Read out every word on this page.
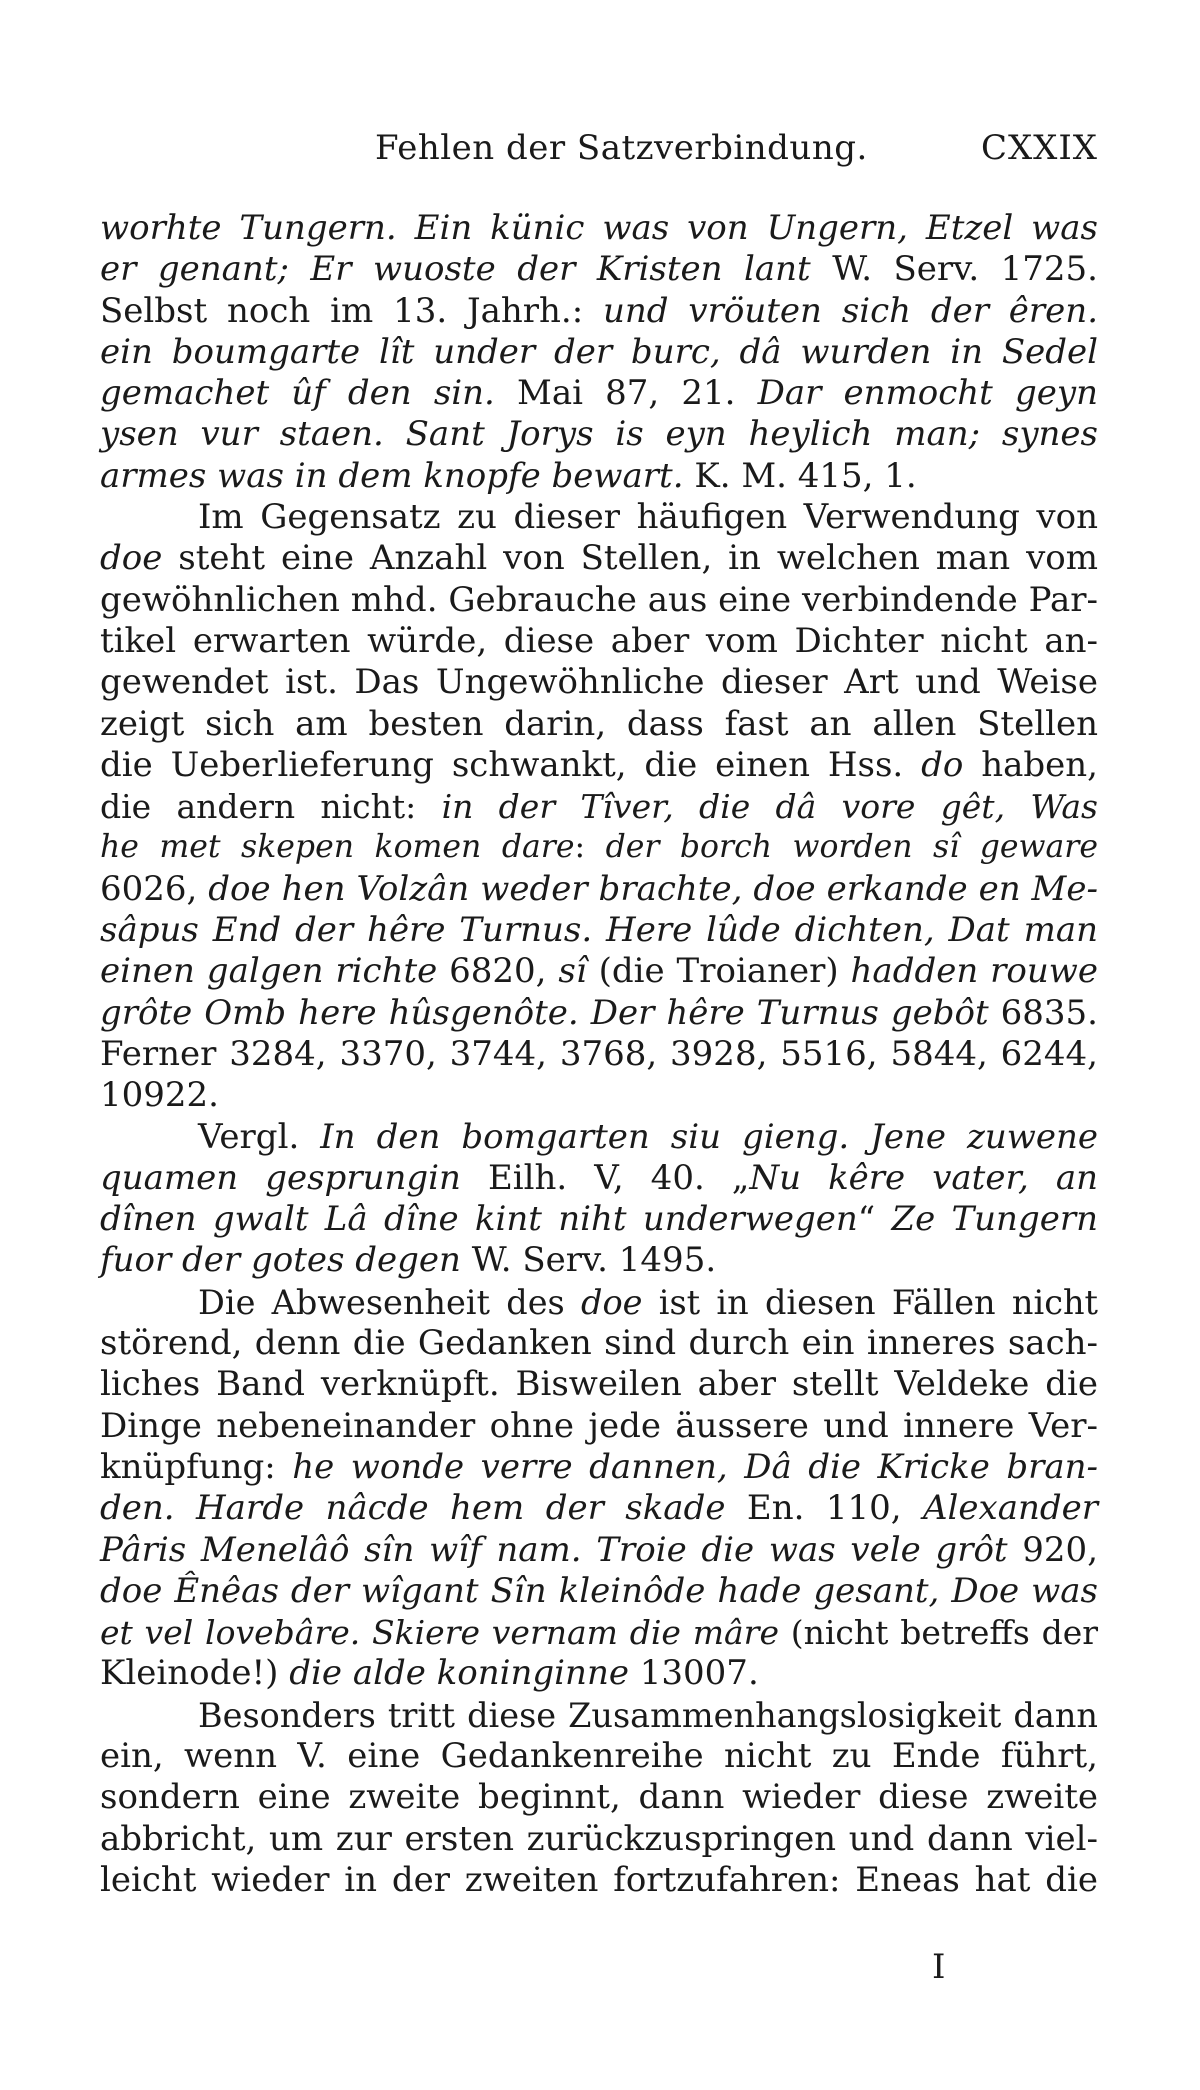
Fehlen der Satzverbindung.	CXXIX
worhte Tungern. Ein künic was von Ungern, Etzel was
er genant; Er wuoste der Kristen lant W. Serv. 1725.
Selbst noch im 13. Jahrh.: und vröuten sich der êren.
ein boumgarte lît under der burc, dâ wurden in Sedel
gemachet ûf den sin. Mai 87, 21. Dar enmocht geyn
ysen vur staen. Sant Jorys is eyn heylich man; synes
armes was in dem knopfe bewart. K. M. 415, 1.
Im Gegensatz zu dieser häufigen Verwendung von
doe steht eine Anzahl von Stellen, in welchen man vom
gewöhnlichen mhd. Gebrauche aus eine verbindende Par-
tikel erwarten würde, diese aber vom Dichter nicht an-
gewendet ist. Das Ungewöhnliche dieser Art und Weise
zeigt sich am besten darin, dass fast an allen Stellen
die Ueberlieferung schwankt, die einen Hss. do haben,
die andern nicht: in der Tîver, die dâ vore gêt, Was
he met skepen komen dare: der borch worden sî geware
6026, doe hen Volzân weder brachte, doe erkande en Me-
sâpus End der hêre Turnus. Here lûde dichten, Dat man
einen galgen richte 6820, sî (die Troianer) hadden rouwe
grôte Omb here hûsgenôte. Der hêre Turnus gebôt 6835.
Ferner 3284, 3370, 3744, 3768, 3928, 5516, 5844, 6244,
10922.
Vergl. In den bomgarten siu gieng. Jene zuwene
quamen gesprungin Eilh. V, 40. „Nu kêre vater, an
dînen gwalt Lâ dîne kint niht underwegen“ Ze Tungern
fuor der gotes degen W. Serv. 1495.
Die Abwesenheit des doe ist in diesen Fällen nicht
störend, denn die Gedanken sind durch ein inneres sach-
liches Band verknüpft. Bisweilen aber stellt Veldeke die
Dinge nebeneinander ohne jede äussere und innere Ver-
knüpfung: he wonde verre dannen, Dâ die Kricke bran-
den. Harde nâcde hem der skade En. 110, Alexander
Pâris Menelâô sîn wîf nam. Troie die was vele grôt 920,
doe Ênêas der wîgant Sîn kleinôde hade gesant, Doe was
et vel lovebâre. Skiere vernam die mâre (nicht betreffs der
Kleinode!) die alde koninginne 13007.
Besonders tritt diese Zusammenhangslosigkeit dann
ein, wenn V. eine Gedankenreihe nicht zu Ende führt,
sondern eine zweite beginnt, dann wieder diese zweite
abbricht, um zur ersten zurückzuspringen und dann viel-
leicht wieder in der zweiten fortzufahren: Eneas hat die
I
